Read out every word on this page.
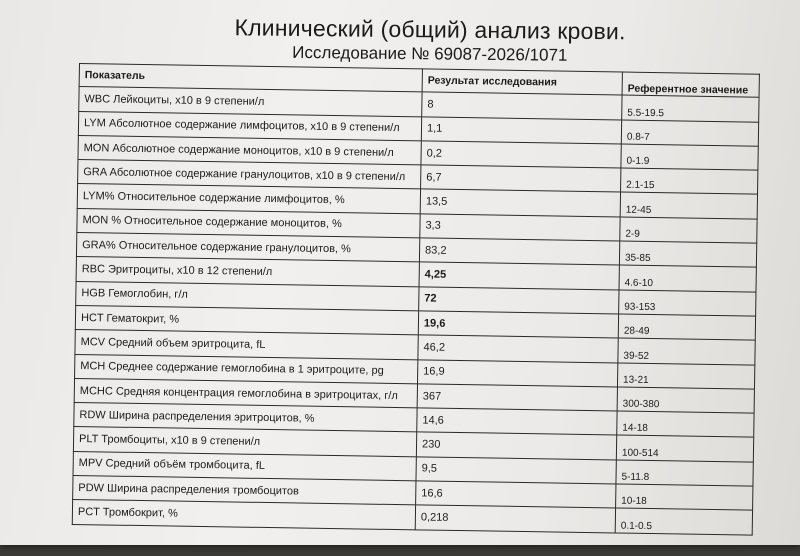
Клинический (общий) анализ крови.
Исследование № 69087-2026/1071
Показатель	Результат исследования	Референтное значение
WBC Лейкоциты, x10 в 9 степени/л	8	5.5-19.5
LYM Абсолютное содержание лимфоцитов, x10 в 9 степени/л	1,1	0.8-7
MON Абсолютное содержание моноцитов, x10 в 9 степени/л	0,2	0-1.9
GRA Абсолютное содержание гранулоцитов, x10 в 9 степени/л	6,7	2.1-15
LYM% Относительное содержание лимфоцитов, %	13,5	12-45
MON % Относительное содержание моноцитов, %	3,3	2-9
GRA% Относительное содержание гранулоцитов, %	83,2	35-85
RBC Эритроциты, x10 в 12 степени/л	4,25	4.6-10
HGB Гемоглобин, г/л	72	93-153
HCT Гематокрит, %	19,6	28-49
MCV Средний объем эритроцита, fL	46,2	39-52
MCH Среднее содержание гемоглобина в 1 эритроците, pg	16,9	13-21
MCHC Средняя концентрация гемоглобина в эритроцитах, г/л	367	300-380
RDW Ширина распределения эритроцитов, %	14,6	14-18
PLT Тромбоциты, x10 в 9 степени/л	230	100-514
MPV Средний объём тромбоцита, fL	9,5	5-11.8
PDW Ширина распределения тромбоцитов	16,6	10-18
PCT Тромбокрит, %	0,218	0.1-0.5
